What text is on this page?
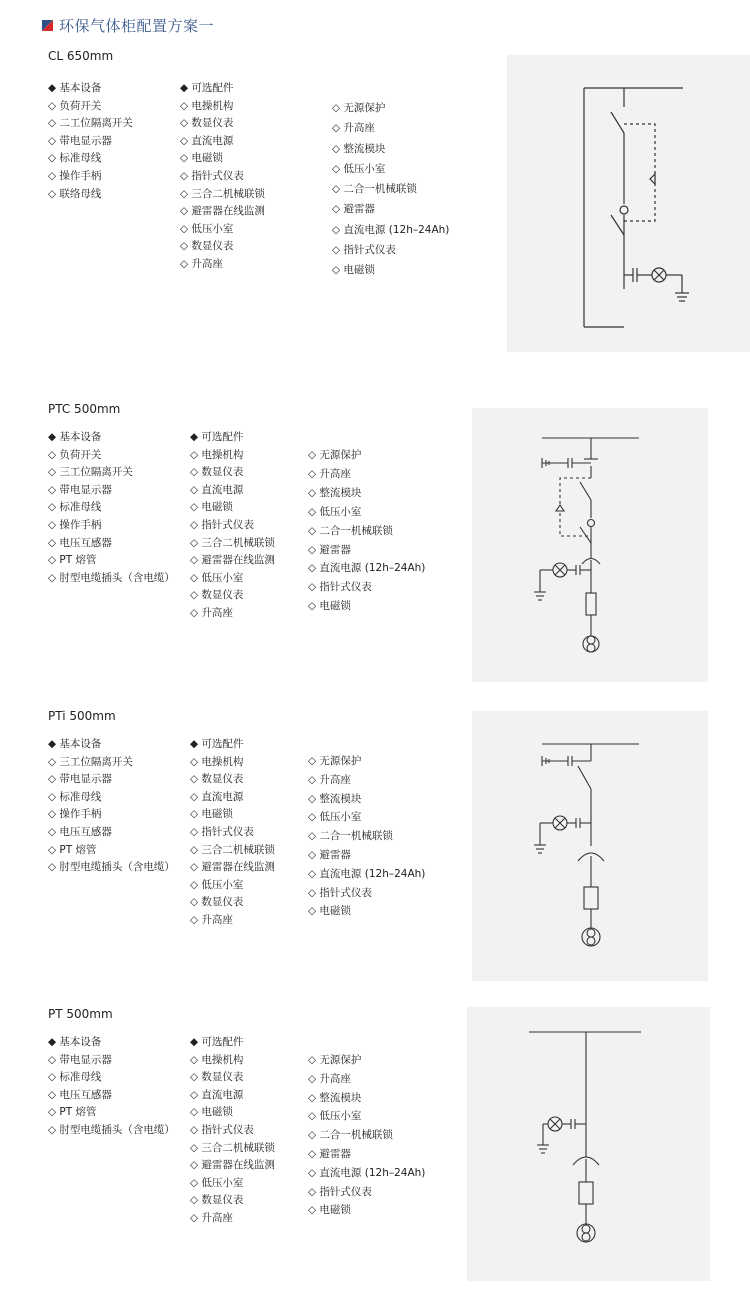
环保气体柜配置方案一
CL 650mm
◆ 基本设备
◇ 负荷开关
◇ 二工位隔离开关
◇ 带电显示器
◇ 标准母线
◇ 操作手柄
◇ 联络母线
◆ 可选配件
◇ 电操机构
◇ 数显仪表
◇ 直流电源
◇ 电磁锁
◇ 指针式仪表
◇ 三合二机械联锁
◇ 避雷器在线监测
◇ 低压小室
◇ 数显仪表
◇ 升高座
◇ 无源保护
◇ 升高座
◇ 整流模块
◇ 低压小室
◇ 二合一机械联锁
◇ 避雷器
◇ 直流电源 (12h–24Ah)
◇ 指针式仪表
◇ 电磁锁
PTC 500mm
◆ 基本设备
◇ 负荷开关
◇ 三工位隔离开关
◇ 带电显示器
◇ 标准母线
◇ 操作手柄
◇ 电压互感器
◇ PT 熔管
◇ 肘型电缆插头（含电缆）
◆ 可选配件
◇ 电操机构
◇ 数显仪表
◇ 直流电源
◇ 电磁锁
◇ 指针式仪表
◇ 三合二机械联锁
◇ 避雷器在线监测
◇ 低压小室
◇ 数显仪表
◇ 升高座
◇ 无源保护
◇ 升高座
◇ 整流模块
◇ 低压小室
◇ 二合一机械联锁
◇ 避雷器
◇ 直流电源 (12h–24Ah)
◇ 指针式仪表
◇ 电磁锁
PTi 500mm
◆ 基本设备
◇ 三工位隔离开关
◇ 带电显示器
◇ 标准母线
◇ 操作手柄
◇ 电压互感器
◇ PT 熔管
◇ 肘型电缆插头（含电缆）
◆ 可选配件
◇ 电操机构
◇ 数显仪表
◇ 直流电源
◇ 电磁锁
◇ 指针式仪表
◇ 三合二机械联锁
◇ 避雷器在线监测
◇ 低压小室
◇ 数显仪表
◇ 升高座
◇ 无源保护
◇ 升高座
◇ 整流模块
◇ 低压小室
◇ 二合一机械联锁
◇ 避雷器
◇ 直流电源 (12h–24Ah)
◇ 指针式仪表
◇ 电磁锁
PT 500mm
◆ 基本设备
◇ 带电显示器
◇ 标准母线
◇ 电压互感器
◇ PT 熔管
◇ 肘型电缆插头（含电缆）
◆ 可选配件
◇ 电操机构
◇ 数显仪表
◇ 直流电源
◇ 电磁锁
◇ 指针式仪表
◇ 三合二机械联锁
◇ 避雷器在线监测
◇ 低压小室
◇ 数显仪表
◇ 升高座
◇ 无源保护
◇ 升高座
◇ 整流模块
◇ 低压小室
◇ 二合一机械联锁
◇ 避雷器
◇ 直流电源 (12h–24Ah)
◇ 指针式仪表
◇ 电磁锁
